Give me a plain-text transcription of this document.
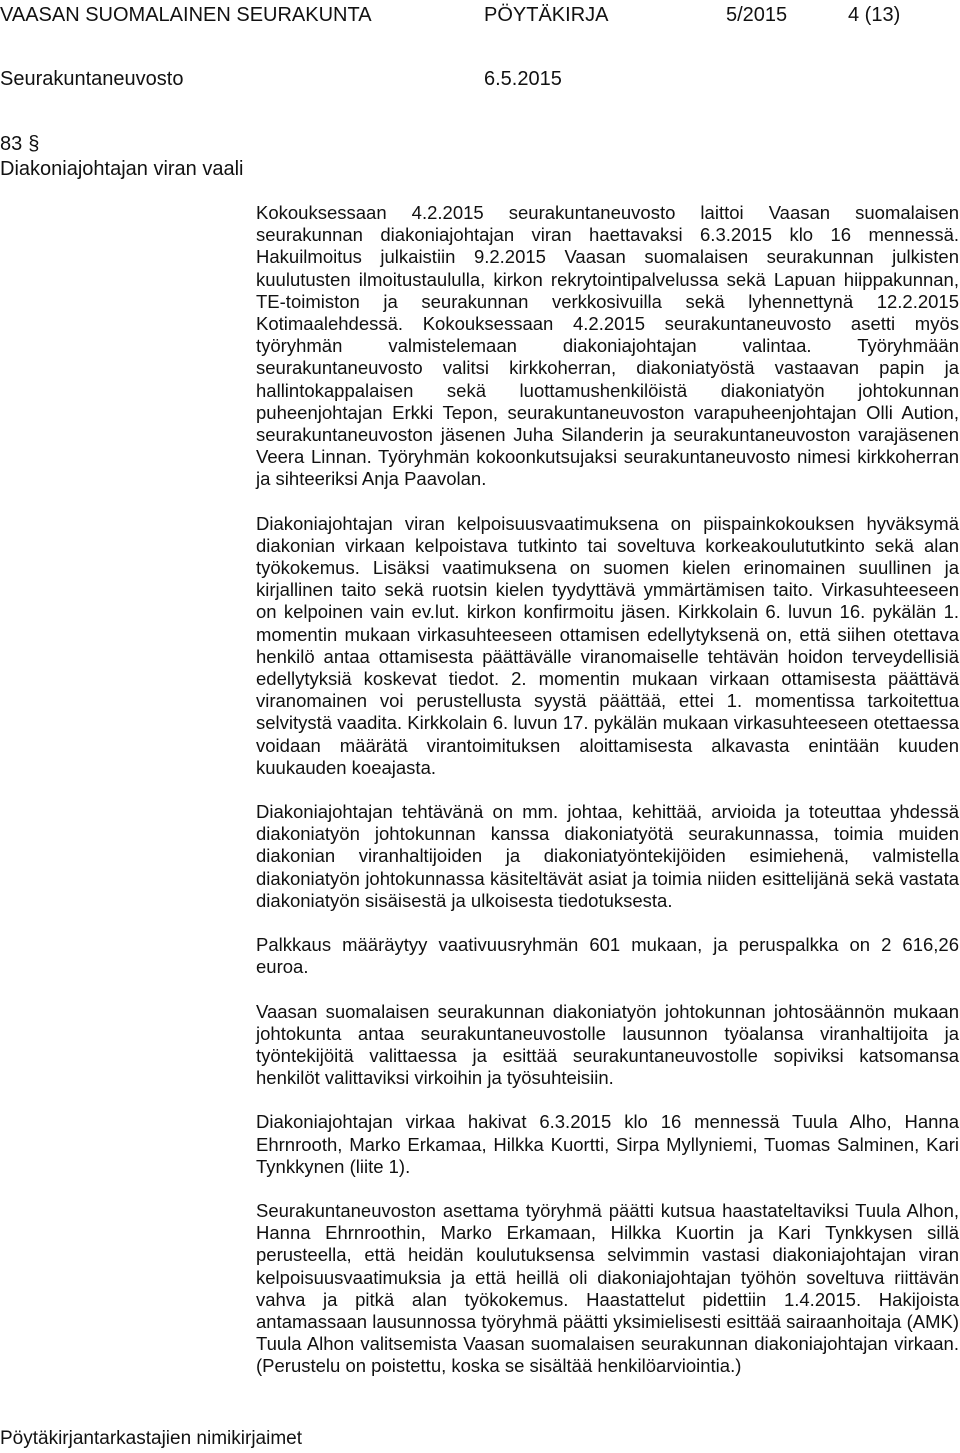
VAASAN SUOMALAINEN SEURAKUNTA	PÖYTÄKIRJA	5/2015	4 (13)
Seurakuntaneuvosto	6.5.2015
83 §
Diakoniajohtajan viran vaali

Kokouksessaan 4.2.2015 seurakuntaneuvosto laittoi Vaasan suomalaisen seurakunnan diakoniajohtajan viran haettavaksi 6.3.2015 klo 16 mennessä. Hakuilmoitus julkaistiin 9.2.2015 Vaasan suomalaisen seurakunnan julkisten kuulutusten ilmoitustaululla, kirkon rekrytointipalvelussa sekä Lapuan hiippakunnan, TE-toimiston ja seurakunnan verkkosivuilla sekä lyhennettynä 12.2.2015 Kotimaalehdessä. Kokouksessaan 4.2.2015 seurakuntaneuvosto asetti myös työryhmän valmistelemaan diakoniajohtajan valintaa. Työryhmään seurakuntaneuvosto valitsi kirkkoherran, diakoniatyöstä vastaavan papin ja hallintokappalaisen sekä luottamushenkilöistä diakoniatyön johtokunnan puheenjohtajan Erkki Tepon, seurakuntaneuvoston varapuheenjohtajan Olli Aution, seurakuntaneuvoston jäsenen Juha Silanderin ja seurakuntaneuvoston varajäsenen Veera Linnan. Työryhmän kokoonkutsujaksi seurakuntaneuvosto nimesi kirkkoherran ja sihteeriksi Anja Paavolan.

Diakoniajohtajan viran kelpoisuusvaatimuksena on piispainkokouksen hyväksymä diakonian virkaan kelpoistava tutkinto tai soveltuva korkeakoulututkinto sekä alan työkokemus. Lisäksi vaatimuksena on suomen kielen erinomainen suullinen ja kirjallinen taito sekä ruotsin kielen tyydyttävä ymmärtämisen taito. Virkasuhteeseen on kelpoinen vain ev.lut. kirkon konfirmoitu jäsen. Kirkkolain 6. luvun 16. pykälän 1. momentin mukaan virkasuhteeseen ottamisen edellytyksenä on, että siihen otettava henkilö antaa ottamisesta päättävälle viranomaiselle tehtävän hoidon terveydellisiä edellytyksiä koskevat tiedot. 2. momentin mukaan virkaan ottamisesta päättävä viranomainen voi perustellusta syystä päättää, ettei 1. momentissa tarkoitettua selvitystä vaadita. Kirkkolain 6. luvun 17. pykälän mukaan virkasuhteeseen otettaessa voidaan määrätä virantoimituksen aloittamisesta alkavasta enintään kuuden kuukauden koeajasta.

Diakoniajohtajan tehtävänä on mm. johtaa, kehittää, arvioida ja toteuttaa yhdessä diakoniatyön johtokunnan kanssa diakoniatyötä seurakunnassa, toimia muiden diakonian viranhaltijoiden ja diakoniatyöntekijöiden esimiehenä, valmistella diakoniatyön johtokunnassa käsiteltävät asiat ja toimia niiden esittelijänä sekä vastata diakoniatyön sisäisestä ja ulkoisesta tiedotuksesta.

Palkkaus määräytyy vaativuusryhmän 601 mukaan, ja peruspalkka on 2 616,26 euroa.

Vaasan suomalaisen seurakunnan diakoniatyön johtokunnan johtosäännön mukaan johtokunta antaa seurakuntaneuvostolle lausunnon työalansa viranhaltijoita ja työntekijöitä valittaessa ja esittää seurakuntaneuvostolle sopiviksi katsomansa henkilöt valittaviksi virkoihin ja työsuhteisiin.

Diakoniajohtajan virkaa hakivat 6.3.2015 klo 16 mennessä Tuula Alho, Hanna Ehrnrooth, Marko Erkamaa, Hilkka Kuortti, Sirpa Myllyniemi, Tuomas Salminen, Kari Tynkkynen (liite 1).

Seurakuntaneuvoston asettama työryhmä päätti kutsua haastateltaviksi Tuula Alhon, Hanna Ehrnroothin, Marko Erkamaan, Hilkka Kuortin ja Kari Tynkkysen sillä perusteella, että heidän koulutuksensa selvimmin vastasi diakoniajohtajan viran kelpoisuusvaatimuksia ja että heillä oli diakoniajohtajan työhön soveltuva riittävän vahva ja pitkä alan työkokemus. Haastattelut pidettiin 1.4.2015. Hakijoista antamassaan lausunnossa työryhmä päätti yksimielisesti esittää sairaanhoitaja (AMK) Tuula Alhon valitsemista Vaasan suomalaisen seurakunnan diakoniajohtajan virkaan. (Perustelu on poistettu, koska se sisältää henkilöarviointia.)

Pöytäkirjantarkastajien nimikirjaimet
